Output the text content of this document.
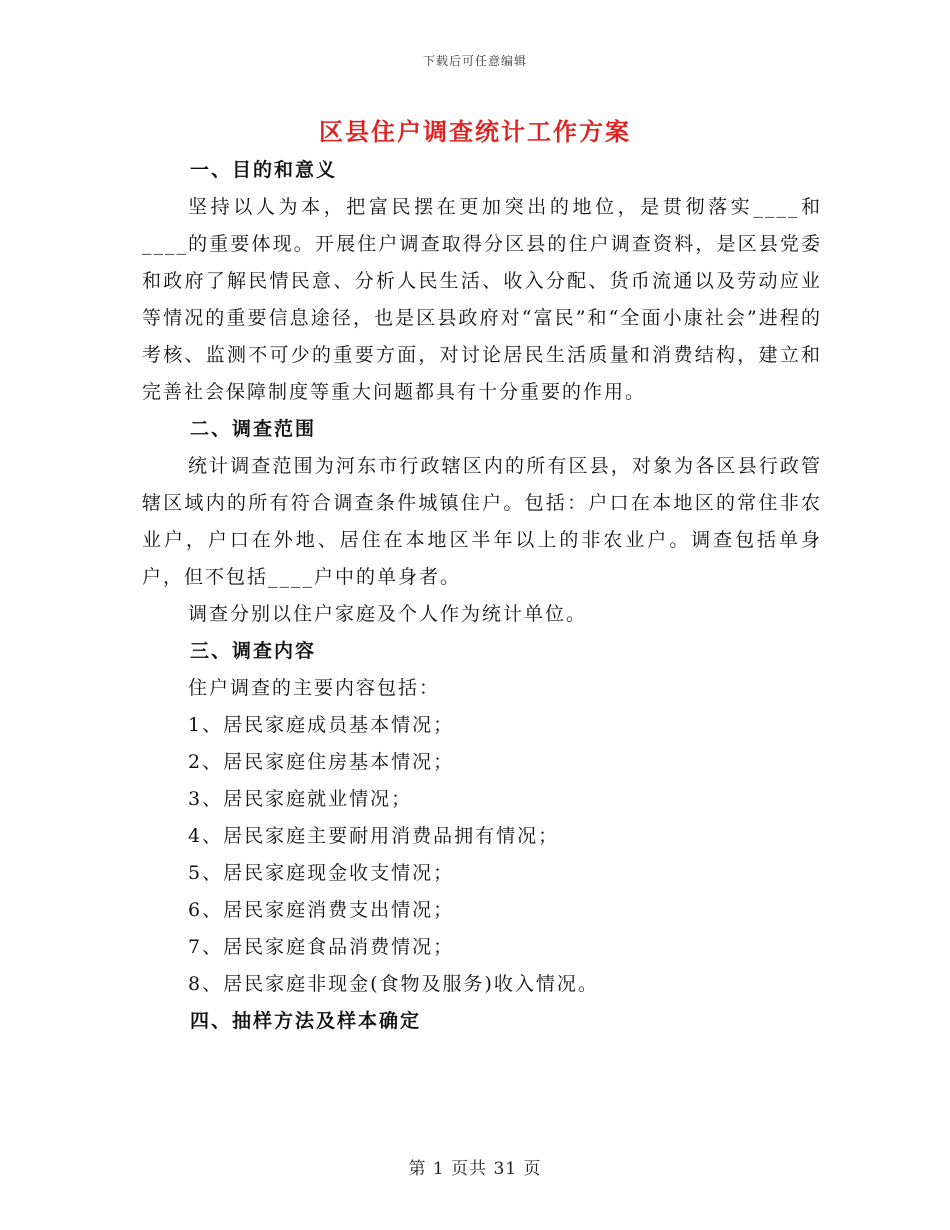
下载后可任意编辑
区县住户调查统计工作方案

一、目的和意义

坚持以人为本，把富民摆在更加突出的地位，是贯彻落实____和____的重要体现。开展住户调查取得分区县的住户调查资料，是区县党委和政府了解民情民意、分析人民生活、收入分配、货币流通以及劳动应业等情况的重要信息途径，也是区县政府对“富民”和“全面小康社会”进程的考核、监测不可少的重要方面，对讨论居民生活质量和消费结构，建立和完善社会保障制度等重大问题都具有十分重要的作用。

二、调查范围

统计调查范围为河东市行政辖区内的所有区县，对象为各区县行政管辖区域内的所有符合调查条件城镇住户。包括：户口在本地区的常住非农业户，户口在外地、居住在本地区半年以上的非农业户。调查包括单身户，但不包括____户中的单身者。

调查分别以住户家庭及个人作为统计单位。

三、调查内容

住户调查的主要内容包括：

1、居民家庭成员基本情况；

2、居民家庭住房基本情况；

3、居民家庭就业情况；

4、居民家庭主要耐用消费品拥有情况；

5、居民家庭现金收支情况；

6、居民家庭消费支出情况；

7、居民家庭食品消费情况；

8、居民家庭非现金(食物及服务)收入情况。

四、抽样方法及样本确定

第 1 页共 31 页
